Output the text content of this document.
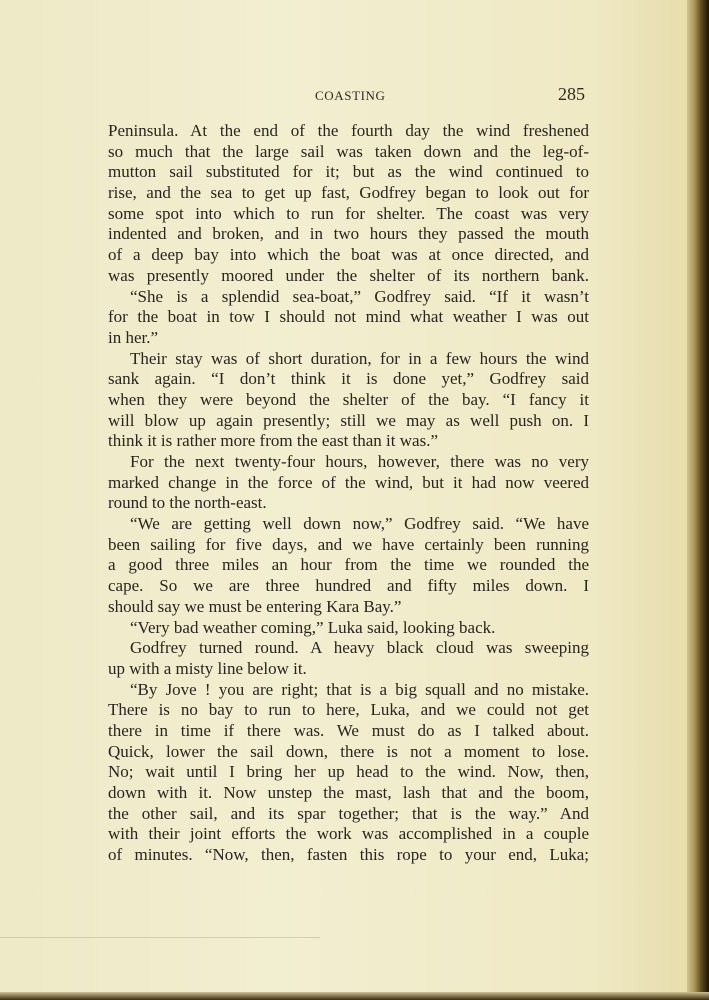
COASTING	285
Peninsula. At the end of the fourth day the wind freshened
so much that the large sail was taken down and the leg-of-
mutton sail substituted for it; but as the wind continued to
rise, and the sea to get up fast, Godfrey began to look out for
some spot into which to run for shelter. The coast was very
indented and broken, and in two hours they passed the mouth
of a deep bay into which the boat was at once directed, and
was presently moored under the shelter of its northern bank.
“She is a splendid sea-boat,” Godfrey said. “If it wasn’t
for the boat in tow I should not mind what weather I was out
in her.”
Their stay was of short duration, for in a few hours the wind
sank again. “I don’t think it is done yet,” Godfrey said
when they were beyond the shelter of the bay. “I fancy it
will blow up again presently; still we may as well push on. I
think it is rather more from the east than it was.”
For the next twenty-four hours, however, there was no very
marked change in the force of the wind, but it had now veered
round to the north-east.
“We are getting well down now,” Godfrey said. “We have
been sailing for five days, and we have certainly been running
a good three miles an hour from the time we rounded the
cape. So we are three hundred and fifty miles down. I
should say we must be entering Kara Bay.”
“Very bad weather coming,” Luka said, looking back.
Godfrey turned round. A heavy black cloud was sweeping
up with a misty line below it.
“By Jove ! you are right; that is a big squall and no mistake.
There is no bay to run to here, Luka, and we could not get
there in time if there was. We must do as I talked about.
Quick, lower the sail down, there is not a moment to lose.
No; wait until I bring her up head to the wind. Now, then,
down with it. Now unstep the mast, lash that and the boom,
the other sail, and its spar together; that is the way.” And
with their joint efforts the work was accomplished in a couple
of minutes. “Now, then, fasten this rope to your end, Luka;
